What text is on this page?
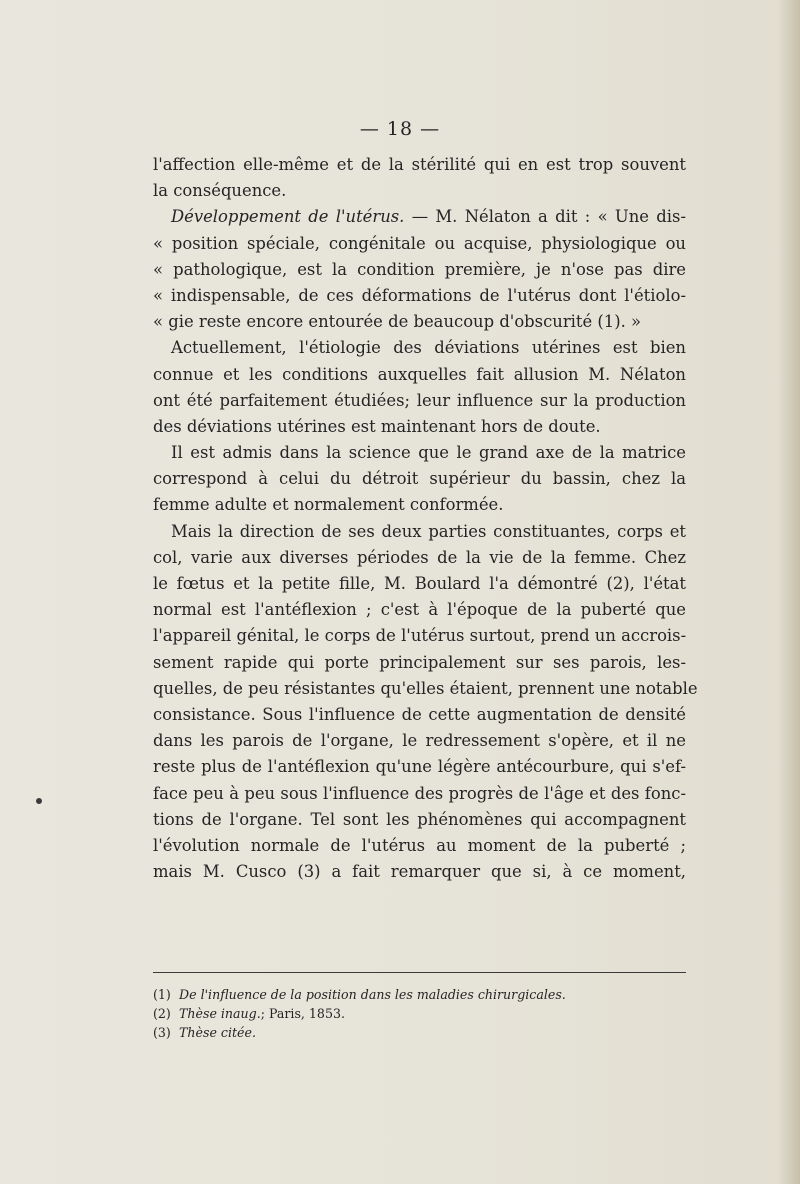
— 18 —
l'affection elle-même et de la stérilité qui en est trop souvent
la conséquence.
Développement de l'utérus. — M. Nélaton a dit : « Une dis-
« position spéciale, congénitale ou acquise, physiologique ou
« pathologique, est la condition première, je n'ose pas dire
« indispensable, de ces déformations de l'utérus dont l'étiolo-
« gie reste encore entourée de beaucoup d'obscurité (1). »
Actuellement, l'étiologie des déviations utérines est bien
connue et les conditions auxquelles fait allusion M. Nélaton
ont été parfaitement étudiées; leur influence sur la production
des déviations utérines est maintenant hors de doute.
Il est admis dans la science que le grand axe de la matrice
correspond à celui du détroit supérieur du bassin, chez la
femme adulte et normalement conformée.
Mais la direction de ses deux parties constituantes, corps et
col, varie aux diverses périodes de la vie de la femme. Chez
le fœtus et la petite fille, M. Boulard l'a démontré (2), l'état
normal est l'antéflexion ; c'est à l'époque de la puberté que
l'appareil génital, le corps de l'utérus surtout, prend un accrois-
sement rapide qui porte principalement sur ses parois, les-
quelles, de peu résistantes qu'elles étaient, prennent une notable
consistance. Sous l'influence de cette augmentation de densité
dans les parois de l'organe, le redressement s'opère, et il ne
reste plus de l'antéflexion qu'une légère antécourbure, qui s'ef-
face peu à peu sous l'influence des progrès de l'âge et des fonc-
tions de l'organe. Tel sont les phénomènes qui accompagnent
l'évolution normale de l'utérus au moment de la puberté ;
mais M. Cusco (3) a fait remarquer que si, à ce moment,
(1) De l'influence de la position dans les maladies chirurgicales.
(2) Thèse inaug.; Paris, 1853.
(3) Thèse citée.
